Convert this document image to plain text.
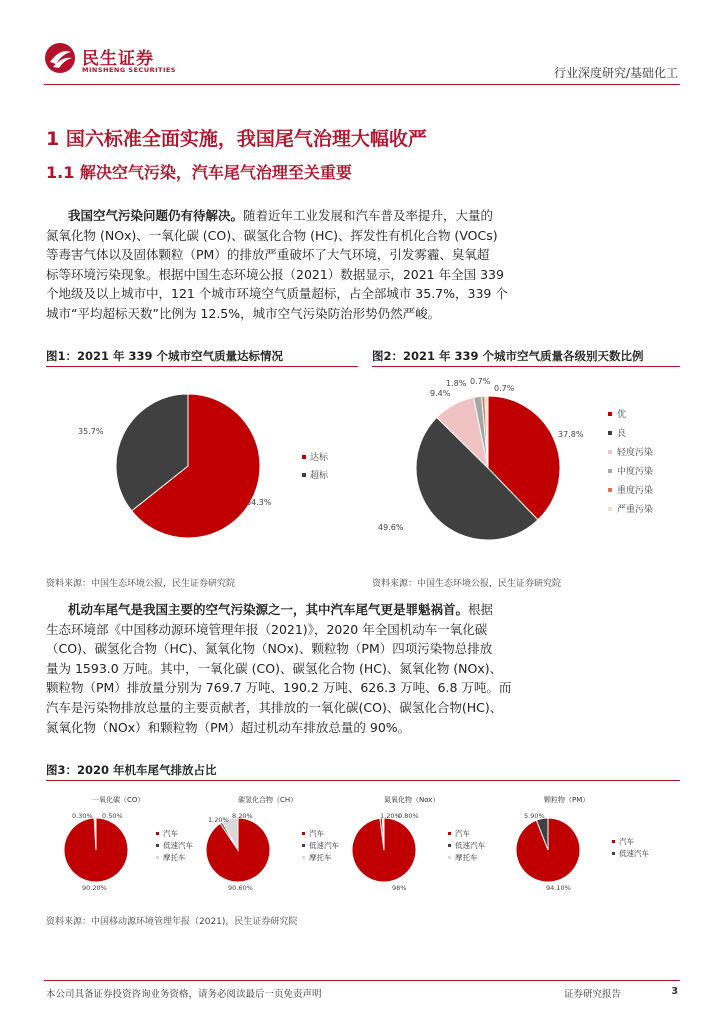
民生证券
MINSHENG SECURITIES	行业深度研究/基础化工
1 国六标准全面实施，我国尾气治理大幅收严
1.1 解决空气污染，汽车尾气治理至关重要
我国空气污染问题仍有待解决。随着近年工业发展和汽车普及率提升，大量的
氮氧化物 (NOx)、一氧化碳 (CO)、碳氢化合物 (HC)、挥发性有机化合物 (VOCs)
等毒害气体以及固体颗粒（PM）的排放严重破坏了大气环境，引发雾霾、臭氧超
标等环境污染现象。根据中国生态环境公报（2021）数据显示，2021 年全国 339
个地级及以上城市中，121 个城市环境空气质量超标，占全部城市 35.7%，339 个
城市“平均超标天数”比例为 12.5%，城市空气污染防治形势仍然严峻。
图1：2021 年 339 个城市空气质量达标情况
64.3%
35.7%
达标
超标
资料来源：中国生态环境公报，民生证券研究院
图2：2021 年 339 个城市空气质量各级别天数比例
37.8%
49.6%
9.4%
1.8% 0.7%
0.7%
优
良
轻度污染
中度污染
重度污染
严重污染
资料来源：中国生态环境公报，民生证券研究院
机动车尾气是我国主要的空气污染源之一，其中汽车尾气更是罪魁祸首。根据
生态环境部《中国移动源环境管理年报（2021)》，2020 年全国机动车一氧化碳
（CO)、碳氢化合物（HC)、氮氧化物（NOx)、颗粒物（PM）四项污染物总排放
量为 1593.0 万吨。其中，一氧化碳 (CO)、碳氢化合物 (HC)、氮氧化物 (NOx)、
颗粒物（PM）排放量分别为 769.7 万吨、190.2 万吨、626.3 万吨、6.8 万吨。而
汽车是污染物排放总量的主要贡献者，其排放的一氧化碳(CO)、碳氢化合物(HC)、
氮氧化物（NOx）和颗粒物（PM）超过机动车排放总量的 90%。
图3：2020 年机车尾气排放占比
一氧化碳（CO）	碳氢化合物（CH）	氮氧化物（Nox）	颗粒物（PM）
90.20%
0.30% 0.50%
90.60%
1.20% 8.20%
98%
1.20%
0.80%
94.10%
5.90%
汽车
低速汽车
摩托车
汽车
低速汽车
摩托车
汽车
低速汽车
摩托车
汽车
低速汽车
资料来源：中国移动源环境管理年报（2021)，民生证券研究院
本公司具备证券投资咨询业务资格，请务必阅读最后一页免责声明	证券研究报告	3
